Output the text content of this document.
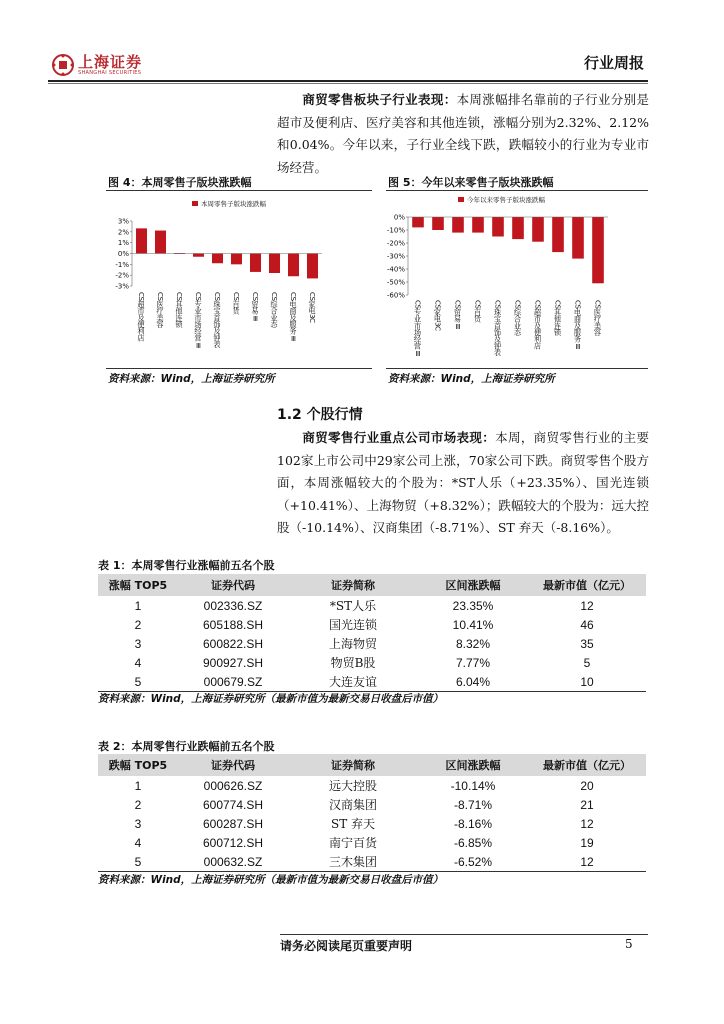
上海证券
SHANGHAI SECURITIES
行业周报
商贸零售板块子行业表现：本周涨幅排名靠前的子行业分别是超市及便利店、医疗美容和其他连锁，涨幅分别为2.32%、2.12%和0.04%。今年以来，子行业全线下跌，跌幅较小的行业为专业市场经营。
图 4：本周零售子版块涨跌幅
本周零售子版块涨跌幅
3%
2%
1%
0%
-1%
-2%
-3%
CS超市及便利店 CS医疗美容 CS其他连锁 CS专业市场经营Ⅲ CS珠宝首饰及钟表 CS百货 CS贸易Ⅲ CS综合业态 CS电商及服务Ⅲ CS家电3C
资料来源：Wind，上海证券研究所
图 5：今年以来零售子版块涨跌幅
今年以来零售子版块涨跌幅
0%
-10%
-20%
-30%
-40%
-50%
-60%
CS专业市场经营Ⅲ CS家电3C CS贸易Ⅲ CS百货 CS珠宝首饰及钟表 CS综合业态 CS超市及便利店 CS其他连锁 CS电商及服务Ⅲ CS医疗美容
资料来源：Wind，上海证券研究所
1.2 个股行情
商贸零售行业重点公司市场表现：本周，商贸零售行业的主要102家上市公司中29家公司上涨，70家公司下跌。商贸零售个股方面，本周涨幅较大的个股为：*ST人乐（+23.35%）、国光连锁（+10.41%）、上海物贸（+8.32%）；跌幅较大的个股为：远大控股（-10.14%）、汉商集团（-8.71%）、ST 弃天（-8.16%）。
表 1：本周零售行业涨幅前五名个股
涨幅 TOP5	证券代码	证券简称	区间涨跌幅	最新市值（亿元）
1	002336.SZ	*ST人乐	23.35%	12
2	605188.SH	国光连锁	10.41%	46
3	600822.SH	上海物贸	8.32%	35
4	900927.SH	物贸B股	7.77%	5
5	000679.SZ	大连友谊	6.04%	10
资料来源：Wind，上海证券研究所（最新市值为最新交易日收盘后市值）
表 2：本周零售行业跌幅前五名个股
跌幅 TOP5	证券代码	证券简称	区间涨跌幅	最新市值（亿元）
1	000626.SZ	远大控股	-10.14%	20
2	600774.SH	汉商集团	-8.71%	21
3	600287.SH	ST 弃天	-8.16%	12
4	600712.SH	南宁百货	-6.85%	19
5	000632.SZ	三木集团	-6.52%	12
资料来源：Wind，上海证券研究所（最新市值为最新交易日收盘后市值）
请务必阅读尾页重要声明	5
